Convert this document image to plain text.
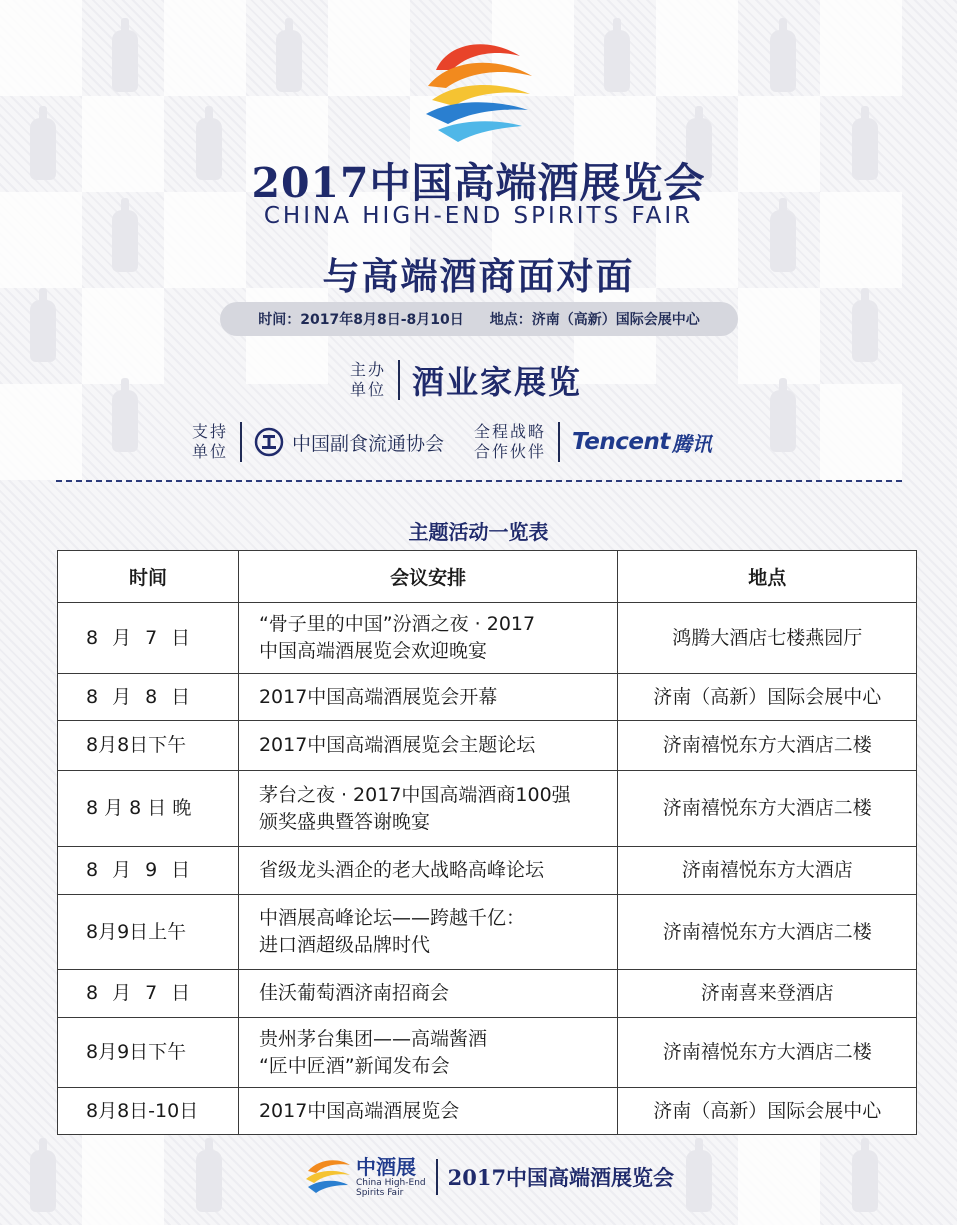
2017中国高端酒展览会
CHINA HIGH-END SPIRITS FAIR
与高端酒商面对面
时间：2017年8月8日-8月10日 地点：济南（高新）国际会展中心
主办
单位 酒业家展览
支持
单位	中国副食流通协会
全程战略
合作伙伴 Tencent 腾讯
主题活动一览表
时间	会议安排	地点
8月7日	“骨子里的中国”汾酒之夜 · 2017
中国高端酒展览会欢迎晚宴	鸿腾大酒店七楼燕园厅
8月8日	2017中国高端酒展览会开幕	济南（高新）国际会展中心
8月8日下午	2017中国高端酒展览会主题论坛	济南禧悦东方大酒店二楼
8 月 8 日 晚	茅台之夜 · 2017中国高端酒商100强
颁奖盛典暨答谢晚宴	济南禧悦东方大酒店二楼
8月9日	省级龙头酒企的老大战略高峰论坛	济南禧悦东方大酒店
8月9日上午	中酒展高峰论坛——跨越千亿：
进口酒超级品牌时代	济南禧悦东方大酒店二楼
8月7日	佳沃葡萄酒济南招商会	济南喜来登酒店
8月9日下午	贵州茅台集团——高端酱酒
“匠中匠酒”新闻发布会	济南禧悦东方大酒店二楼
8月8日-10日	2017中国高端酒展览会	济南（高新）国际会展中心
中酒展
China High-End
Spirits Fair
2017中国高端酒展览会
